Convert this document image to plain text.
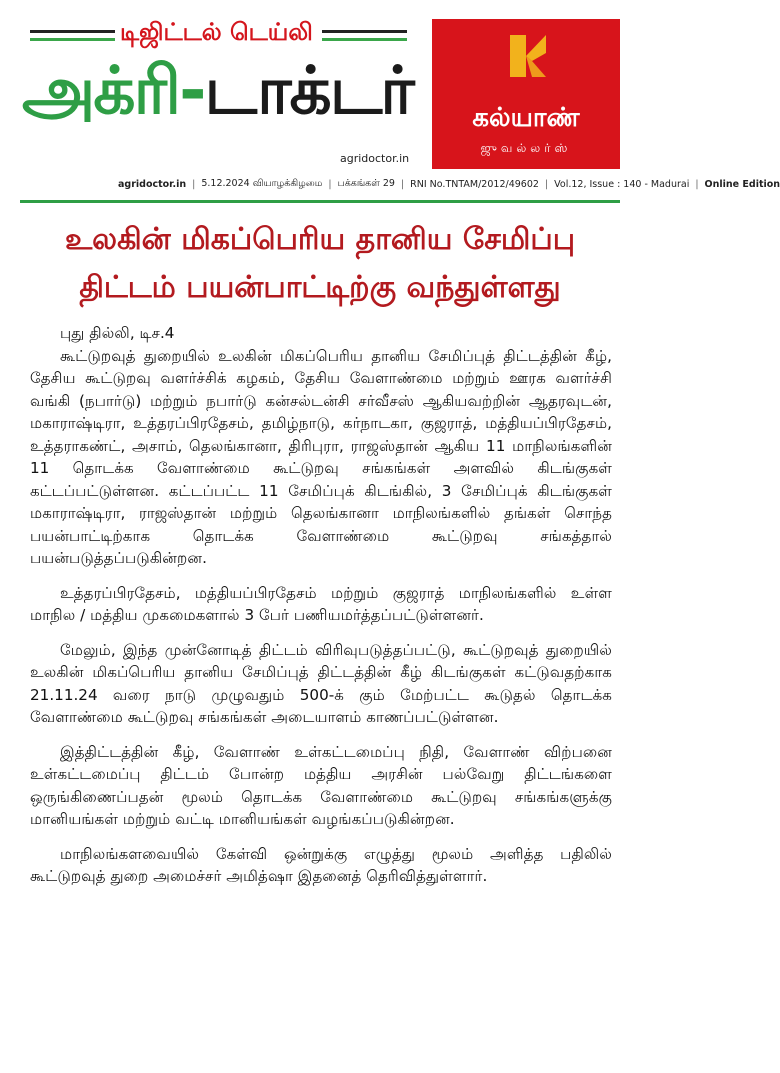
டிஜிட்டல் டெய்லி
அக்ரி-டாக்டர்
agridoctor.in
agridoctor.in | 5.12.2024 வியாழக்கிழமை | பக்கங்கள் 29 | RNI No.TNTAM/2012/49602 | Vol.12, Issue : 140 - Madurai | Online Edition
கல்யாண்
ஜுவல்லர்ஸ்
உலகின் மிகப்பெரிய தானிய சேமிப்பு
திட்டம் பயன்பாட்டிற்கு வந்துள்ளது
புது தில்லி, டிச.4

கூட்டுறவுத் துறையில் உலகின் மிகப்பெரிய தானிய சேமிப்புத் திட்டத்தின் கீழ், தேசிய கூட்டுறவு வளர்ச்சிக் கழகம், தேசிய வேளாண்மை மற்றும் ஊரக வளர்ச்சி வங்கி (நபார்டு) மற்றும் நபார்டு கன்சல்டன்சி சர்வீசஸ் ஆகியவற்றின் ஆதரவுடன், மகாராஷ்டிரா, உத்தரப்பிரதேசம், தமிழ்நாடு, கர்நாடகா, குஜராத், மத்தியப்பிரதேசம், உத்தராகண்ட், அசாம், தெலங்கானா, திரிபுரா, ராஜஸ்தான் ஆகிய 11 மாநிலங்களின் 11 தொடக்க வேளாண்மை கூட்டுறவு சங்கங்கள் அளவில் கிடங்குகள் கட்டப்பட்டுள்ளன. கட்டப்பட்ட 11 சேமிப்புக் கிடங்கில், 3 சேமிப்புக் கிடங்குகள் மகாராஷ்டிரா, ராஜஸ்தான் மற்றும் தெலங்கானா மாநிலங்களில் தங்கள் சொந்த பயன்பாட்டிற்காக தொடக்க வேளாண்மை கூட்டுறவு சங்கத்தால் பயன்படுத்தப்படுகின்றன.

உத்தரப்பிரதேசம், மத்தியப்பிரதேசம் மற்றும் குஜராத் மாநிலங்களில் உள்ள மாநில / மத்திய முகமைகளால் 3 பேர் பணியமர்த்தப்பட்டுள்ளனர்.

மேலும், இந்த முன்னோடித் திட்டம் விரிவுபடுத்தப்பட்டு, கூட்டுறவுத் துறையில் உலகின் மிகப்பெரிய தானிய சேமிப்புத் திட்டத்தின் கீழ் கிடங்குகள் கட்டுவதற்காக 21.11.24 வரை நாடு முழுவதும் 500-க் கும் மேற்பட்ட கூடுதல் தொடக்க வேளாண்மை கூட்டுறவு சங்கங்கள் அடையாளம் காணப்பட்டுள்ளன.

இத்திட்டத்தின் கீழ், வேளாண் உள்கட்டமைப்பு நிதி, வேளாண் விற்பனை உள்கட்டமைப்பு திட்டம் போன்ற மத்திய அரசின் பல்வேறு திட்டங்களை ஒருங்கிணைப்பதன் மூலம் தொடக்க வேளாண்மை கூட்டுறவு சங்கங்களுக்கு மானியங்கள் மற்றும் வட்டி மானியங்கள் வழங்கப்படுகின்றன.

மாநிலங்களவையில் கேள்வி ஒன்றுக்கு எழுத்து மூலம் அளித்த பதிலில் கூட்டுறவுத் துறை அமைச்சர் அமித்ஷா இதனைத் தெரிவித்துள்ளார்.
